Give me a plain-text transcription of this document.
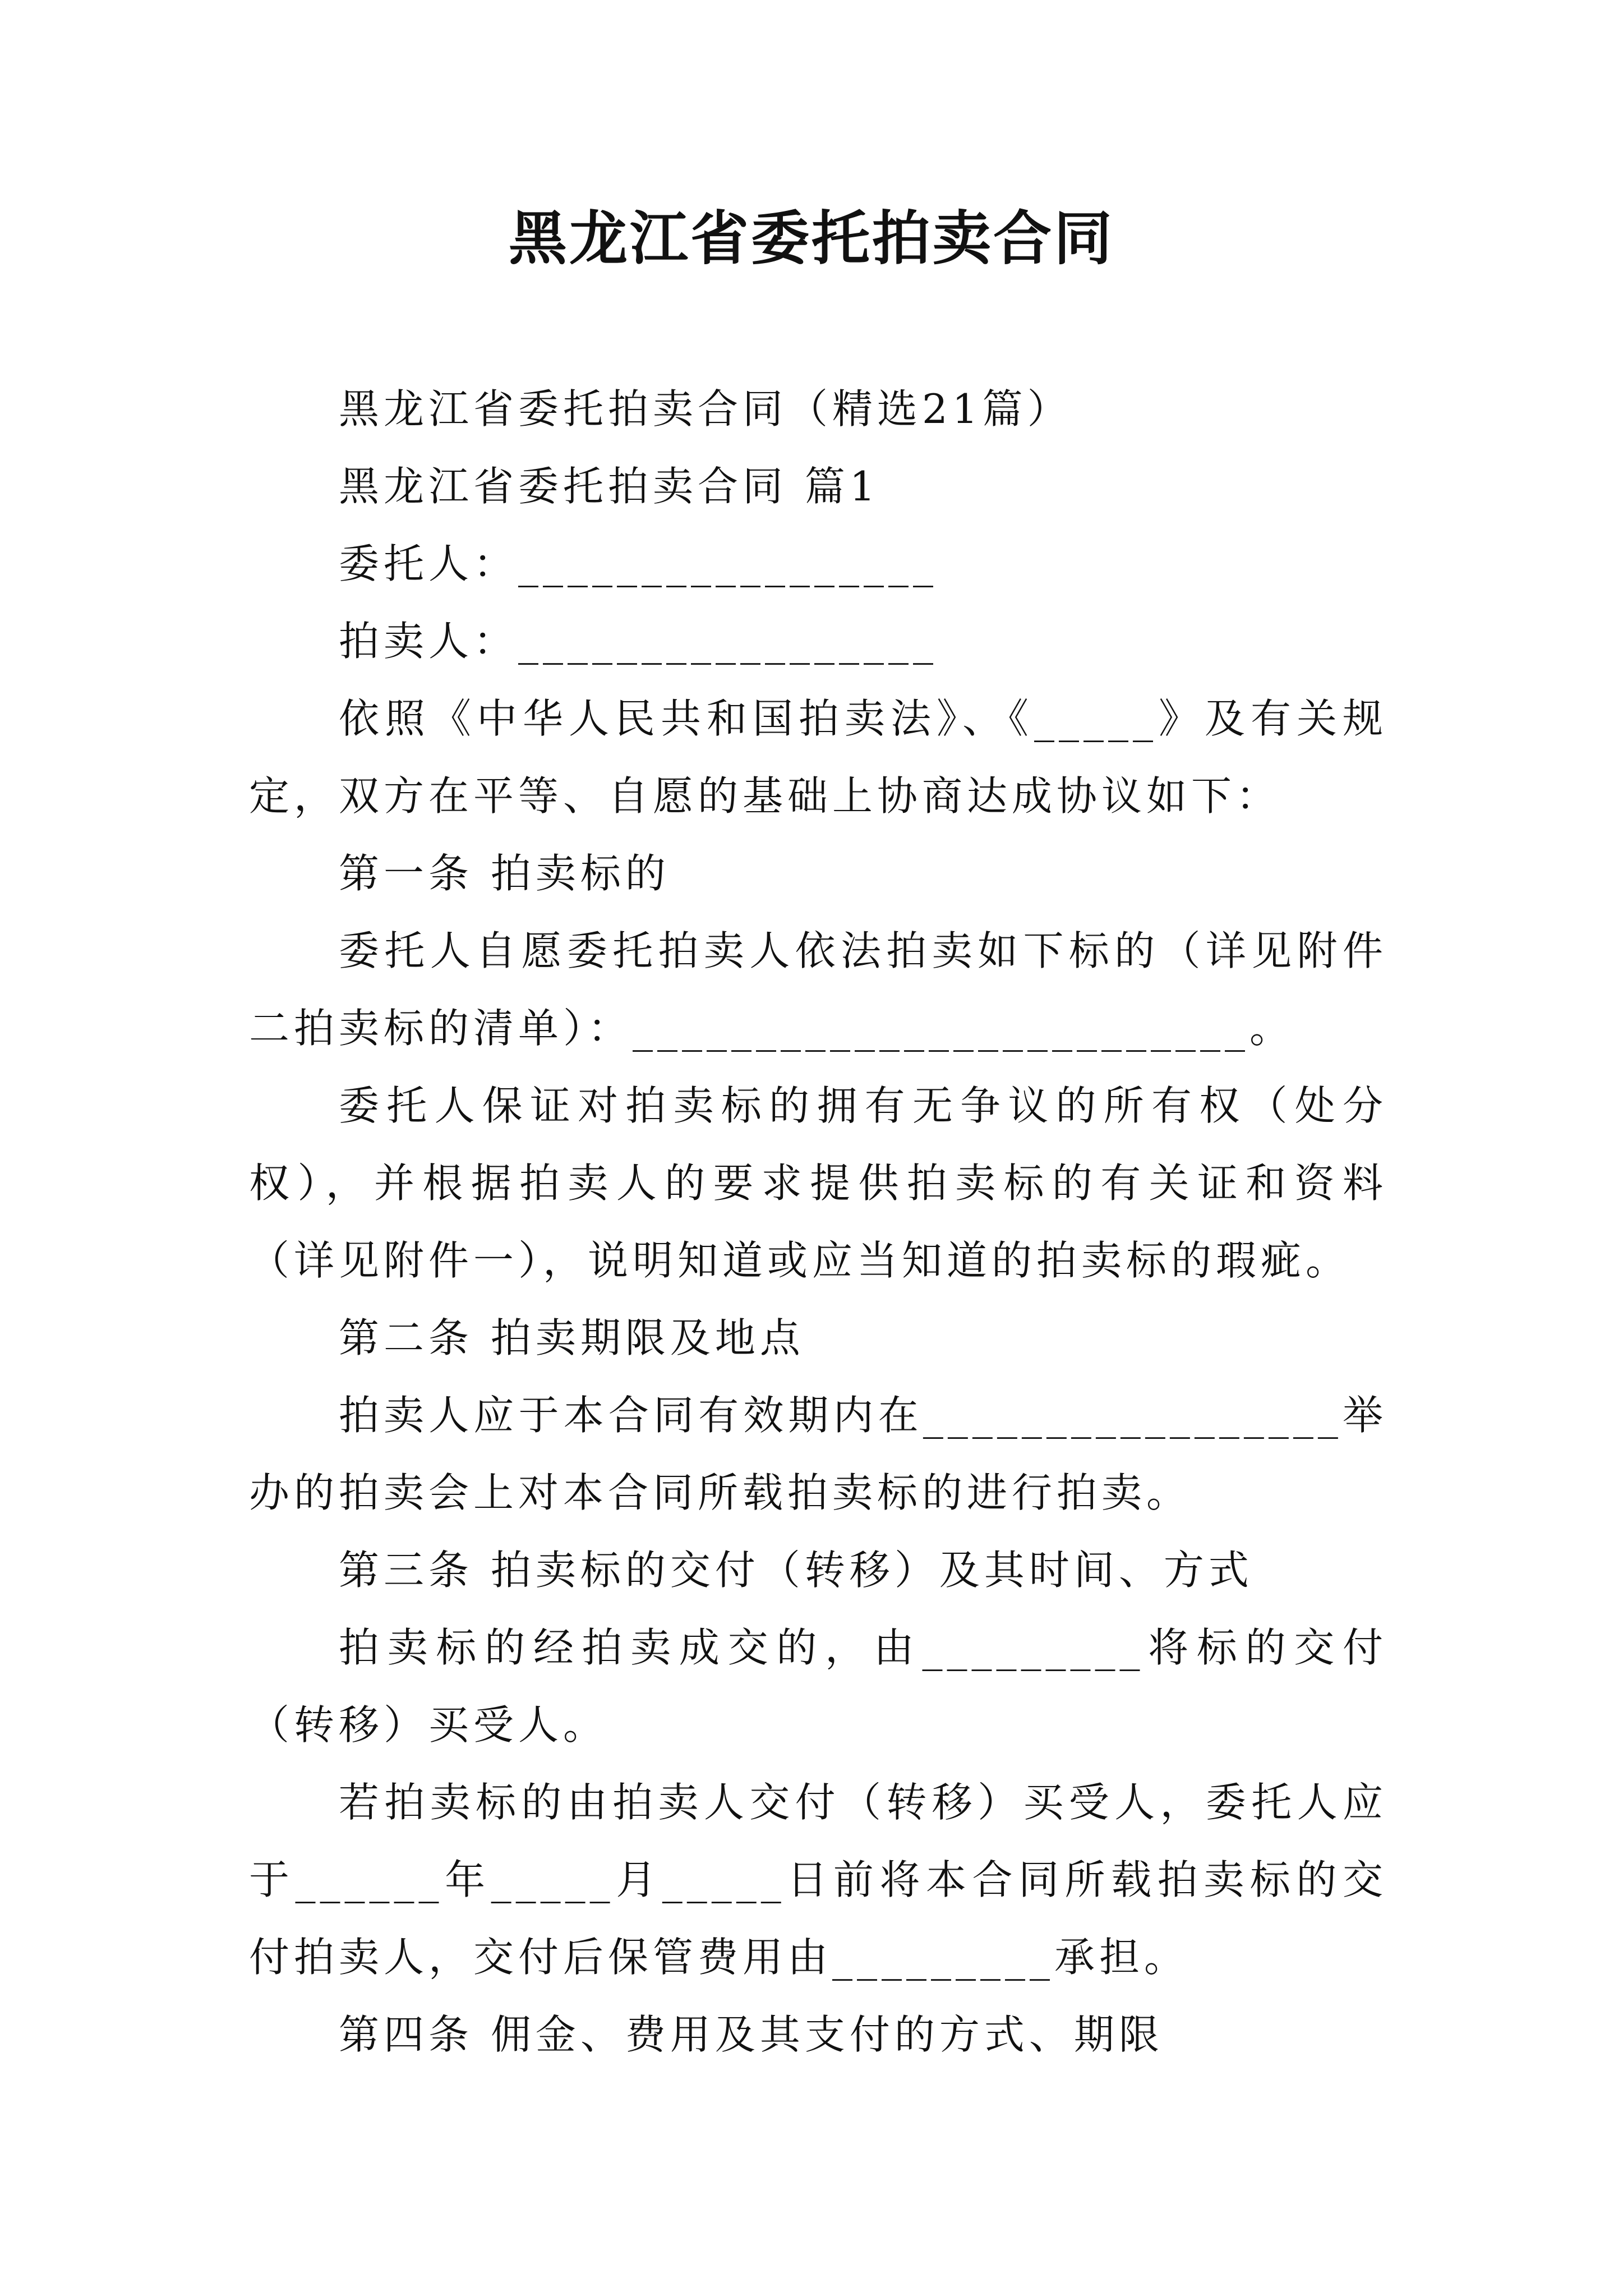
黑龙江省委托拍卖合同

黑龙江省委托拍卖合同（精选21篇）

黑龙江省委托拍卖合同 篇1

委托人：_________________

拍卖人：_________________

依照《中华人民共和国拍卖法》、《_____》及有关规定，双方在平等、自愿的基础上协商达成协议如下：

第一条 拍卖标的

委托人自愿委托拍卖人依法拍卖如下标的（详见附件二拍卖标的清单）：_________________________。

委托人保证对拍卖标的拥有无争议的所有权（处分权），并根据拍卖人的要求提供拍卖标的有关证和资料（详见附件一），说明知道或应当知道的拍卖标的瑕疵。

第二条 拍卖期限及地点

拍卖人应于本合同有效期内在_________________举办的拍卖会上对本合同所载拍卖标的进行拍卖。

第三条 拍卖标的交付（转移）及其时间、方式

拍卖标的经拍卖成交的，由_________将标的交付（转移）买受人。

若拍卖标的由拍卖人交付（转移）买受人，委托人应于______年_____月_____日前将本合同所载拍卖标的交付拍卖人，交付后保管费用由_________承担。

第四条 佣金、费用及其支付的方式、期限
